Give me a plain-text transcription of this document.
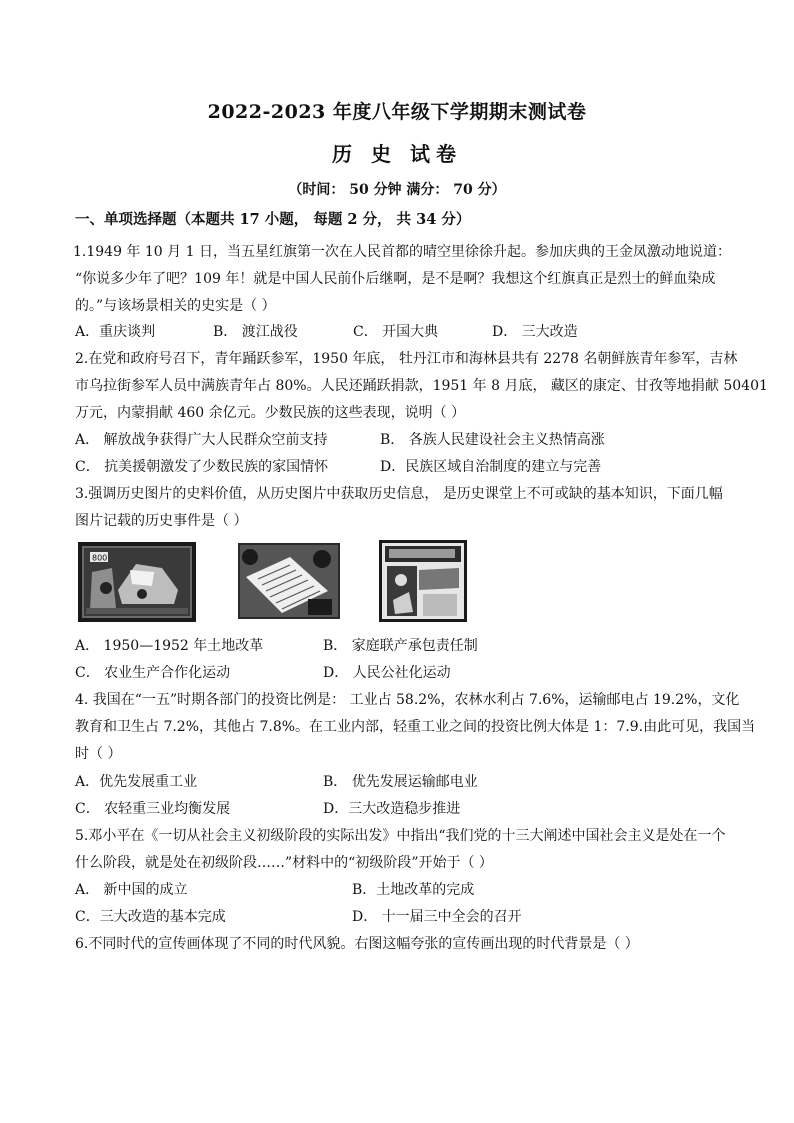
2022-2023 年度八年级下学期期末测试卷
历 史 试卷
（时间： 50 分钟 满分： 70 分）
一、单项选择题（本题共 17 小题， 每题 2 分， 共 34 分）
1.1949 年 10 月 1 日，当五星红旗第一次在人民首都的晴空里徐徐升起。参加庆典的王金凤激动地说道：
“你说多少年了吧？109 年！就是中国人民前仆后继啊，是不是啊？我想这个红旗真正是烈士的鲜血染成
的。”与该场景相关的史实是（ ）
A．重庆谈判	B． 渡江战役	C． 开国大典	D． 三大改造
2.在党和政府号召下，青年踊跃参军，1950 年底， 牡丹江市和海林县共有 2278 名朝鲜族青年参军，吉林
市乌拉街参军人员中满族青年占 80%。人民还踊跃捐款，1951 年 8 月底， 藏区的康定、甘孜等地捐献 50401
万元，内蒙捐献 460 余亿元。少数民族的这些表现，说明（ ）
A． 解放战争获得广大人民群众空前支持	B． 各族人民建设社会主义热情高涨
C． 抗美援朝激发了少数民族的家国情怀	D．民族区域自治制度的建立与完善
3.强调历史图片的史料价值，从历史图片中获取历史信息， 是历史课堂上不可或缺的基本知识，下面几幅
图片记载的历史事件是（ ）
800
A． 1950—1952 年土地改革	B． 家庭联产承包责任制
C． 农业生产合作化运动	D． 人民公社化运动
4. 我国在“一五”时期各部门的投资比例是： 工业占 58.2%，农林水利占 7.6%，运输邮电占 19.2%，文化
教育和卫生占 7.2%，其他占 7.8%。在工业内部，轻重工业之间的投资比例大体是 1：7.9.由此可见，我国当
时（ ）
A．优先发展重工业	B． 优先发展运输邮电业
C． 农轻重三业均衡发展	D．三大改造稳步推进
5.邓小平在《一切从社会主义初级阶段的实际出发》中指出“我们党的十三大阐述中国社会主义是处在一个
什么阶段，就是处在初级阶段……”材料中的“初级阶段”开始于（ ）
A． 新中国的成立	B．土地改革的完成
C．三大改造的基本完成	D． 十一届三中全会的召开
6.不同时代的宣传画体现了不同的时代风貌。右图这幅夸张的宣传画出现的时代背景是（ ）
